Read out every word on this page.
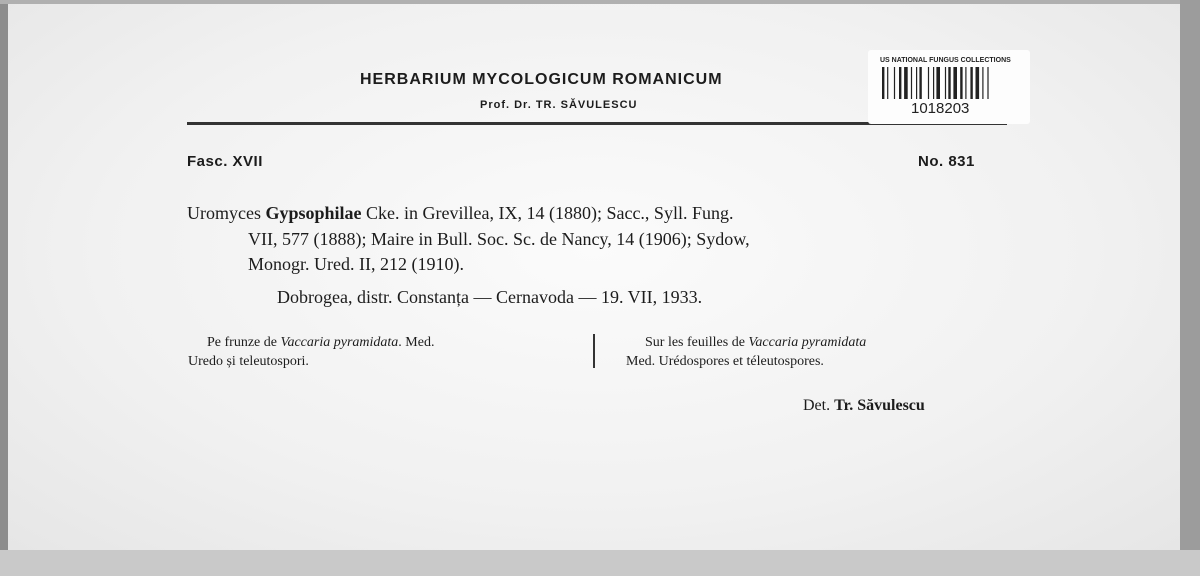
HERBARIUM MYCOLOGICUM ROMANICUM
Prof. Dr. TR. SĂVULESCU
US NATIONAL FUNGUS COLLECTIONS
1018203
Fasc. XVII	No. 831
Uromyces Gypsophilae Cke. in Grevillea, IX, 14 (1880); Sacc., Syll. Fung.
VII, 577 (1888); Maire in Bull. Soc. Sc. de Nancy, 14 (1906); Sydow,
Monogr. Ured. II, 212 (1910).
Dobrogea, distr. Constanța — Cernavoda — 19. VII, 1933.
Pe frunze de Vaccaria pyramidata. Med.
Uredo și teleutospori.
Sur les feuilles de Vaccaria pyramidata
Med. Urédospores et téleutospores.
Det. Tr. Săvulescu
